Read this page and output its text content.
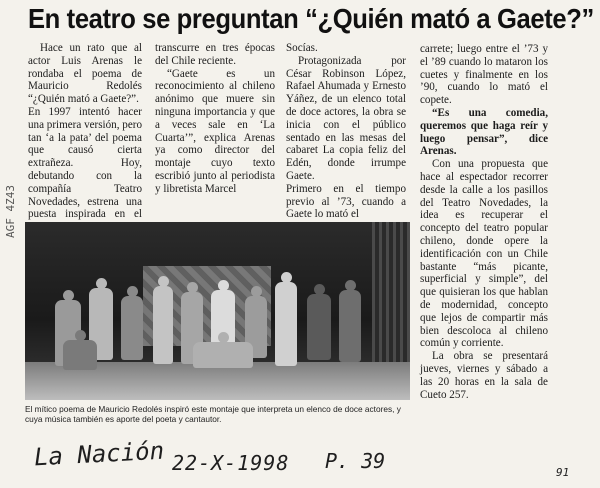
En teatro se preguntan “¿Quién mató a Gaete?”

Hace un rato que al actor Luis Arenas le rondaba el poema de Mauricio Redolés “¿Quién mató a Gaete?”.

En 1997 intentó hacer una primera versión, pero tan ‘a la pata’ del poema que causó cierta extrañeza. Hoy, debutando con la compañía Teatro Novedades, estrena una puesta inspirada en el

transcurre en tres épocas del Chile reciente.

“Gaete es un reconocimiento al chileno anónimo que muere sin ninguna importancia y que a veces sale en ‘La Cuarta’”, explica Arenas ya como director del montaje cuyo texto escribió junto al periodista y libretista Marcel

Socías.

Protagonizada por César Robinson López, Rafael Ahumada y Ernesto Yáñez, de un elenco total de doce actores, la obra se inicia con el público sentado en las mesas del cabaret La copia feliz del Edén, donde irrumpe Gaete.

Primero en el tiempo previo al ’73, cuando a Gaete lo mató el

carrete; luego entre el ’73 y el ’89 cuando lo mataron los cuetes y finalmente en los ’90, cuando lo mató el copete.

“Es una comedia, queremos que haga reír y luego pensar”, dice Arenas.

Con una propuesta que hace al espectador recorrer desde la calle a los pasillos del Teatro Novedades, la idea es recuperar el concepto del teatro popular chileno, donde opere la identificación con un Chile bastante “más picante, superficial y simple”, del que quisieran los que hablan de modernidad, concepto que lejos de compartir más bien descoloca al chileno común y corriente.

La obra se presentará jueves, viernes y sábado a las 20 horas en la sala de Cueto 257.

El mítico poema de Mauricio Redolés inspiró este montaje que interpreta un elenco de doce actores, y cuya música también es aporte del poeta y cantautor.
AGF 4Z43
La Nación 22-X-1998 P. 39	91
